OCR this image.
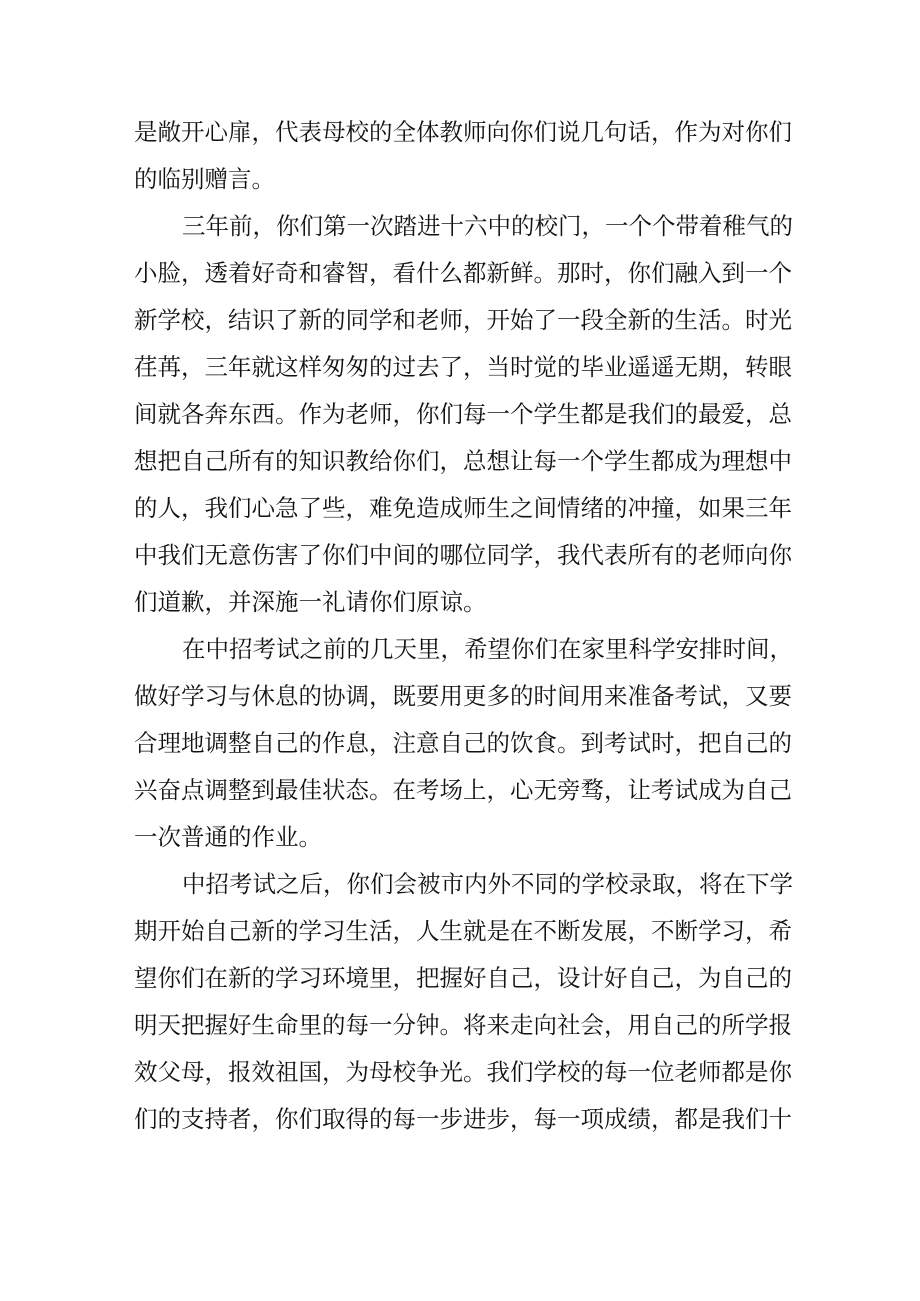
是敞开心扉，代表母校的全体教师向你们说几句话，作为对你们
的临别赠言。
三年前，你们第一次踏进十六中的校门，一个个带着稚气的
小脸，透着好奇和睿智，看什么都新鲜。那时，你们融入到一个
新学校，结识了新的同学和老师，开始了一段全新的生活。时光
荏苒，三年就这样匆匆的过去了，当时觉的毕业遥遥无期，转眼
间就各奔东西。作为老师，你们每一个学生都是我们的最爱，总
想把自己所有的知识教给你们，总想让每一个学生都成为理想中
的人，我们心急了些，难免造成师生之间情绪的冲撞，如果三年
中我们无意伤害了你们中间的哪位同学，我代表所有的老师向你
们道歉，并深施一礼请你们原谅。
在中招考试之前的几天里，希望你们在家里科学安排时间，
做好学习与休息的协调，既要用更多的时间用来准备考试，又要
合理地调整自己的作息，注意自己的饮食。到考试时，把自己的
兴奋点调整到最佳状态。在考场上，心无旁骛，让考试成为自己
一次普通的作业。
中招考试之后，你们会被市内外不同的学校录取，将在下学
期开始自己新的学习生活，人生就是在不断发展，不断学习，希
望你们在新的学习环境里，把握好自己，设计好自己，为自己的
明天把握好生命里的每一分钟。将来走向社会，用自己的所学报
效父母，报效祖国，为母校争光。我们学校的每一位老师都是你
们的支持者，你们取得的每一步进步，每一项成绩，都是我们十
